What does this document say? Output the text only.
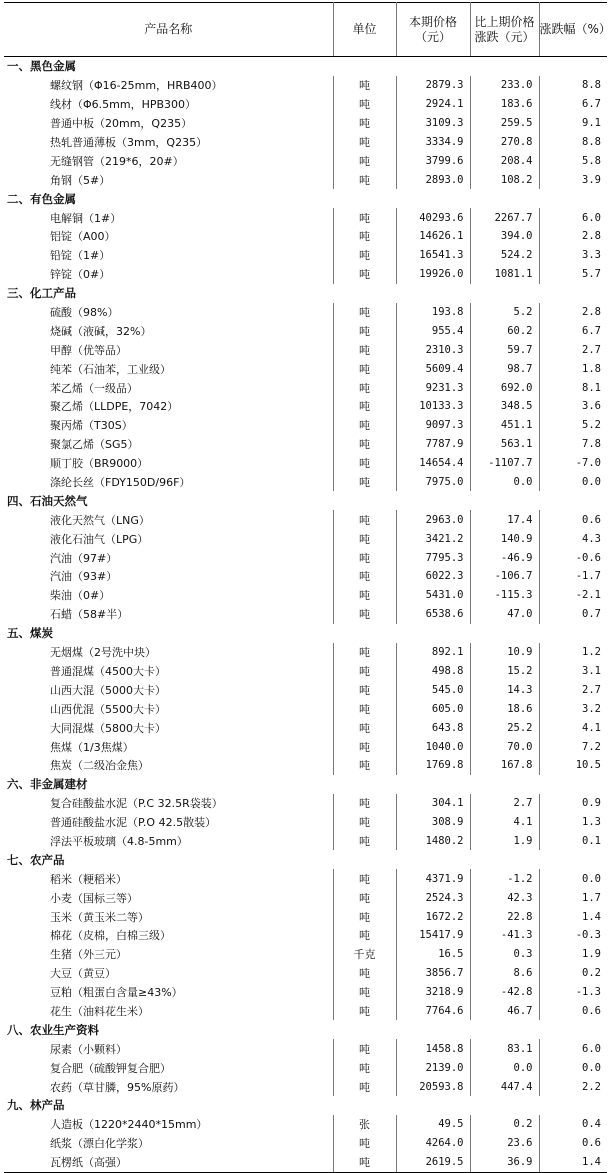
产品名称	单位	本期价格（元）	比上期价格涨跌（元）	涨跌幅（%）
一、黑色金属				
螺纹钢（Φ16-25mm，HRB400）	吨	2879.3	233.0	8.8
线材（Φ6.5mm，HPB300）	吨	2924.1	183.6	6.7
普通中板（20mm，Q235）	吨	3109.3	259.5	9.1
热轧普通薄板（3mm，Q235）	吨	3334.9	270.8	8.8
无缝钢管（219*6，20#）	吨	3799.6	208.4	5.8
角钢（5#）	吨	2893.0	108.2	3.9
二、有色金属				
电解铜（1#）	吨	40293.6	2267.7	6.0
铝锭（A00）	吨	14626.1	394.0	2.8
铅锭（1#）	吨	16541.3	524.2	3.3
锌锭（0#）	吨	19926.0	1081.1	5.7
三、化工产品				
硫酸（98%）	吨	193.8	5.2	2.8
烧碱（液碱，32%）	吨	955.4	60.2	6.7
甲醇（优等品）	吨	2310.3	59.7	2.7
纯苯（石油苯，工业级）	吨	5609.4	98.7	1.8
苯乙烯（一级品）	吨	9231.3	692.0	8.1
聚乙烯（LLDPE，7042）	吨	10133.3	348.5	3.6
聚丙烯（T30S）	吨	9097.3	451.1	5.2
聚氯乙烯（SG5）	吨	7787.9	563.1	7.8
顺丁胶（BR9000）	吨	14654.4	-1107.7	-7.0
涤纶长丝（FDY150D/96F）	吨	7975.0	0.0	0.0
四、石油天然气				
液化天然气（LNG）	吨	2963.0	17.4	0.6
液化石油气（LPG）	吨	3421.2	140.9	4.3
汽油（97#）	吨	7795.3	-46.9	-0.6
汽油（93#）	吨	6022.3	-106.7	-1.7
柴油（0#）	吨	5431.0	-115.3	-2.1
石蜡（58#半）	吨	6538.6	47.0	0.7
五、煤炭				
无烟煤（2号洗中块）	吨	892.1	10.9	1.2
普通混煤（4500大卡）	吨	498.8	15.2	3.1
山西大混（5000大卡）	吨	545.0	14.3	2.7
山西优混（5500大卡）	吨	605.0	18.6	3.2
大同混煤（5800大卡）	吨	643.8	25.2	4.1
焦煤（1/3焦煤）	吨	1040.0	70.0	7.2
焦炭（二级冶金焦）	吨	1769.8	167.8	10.5
六、非金属建材				
复合硅酸盐水泥（P.C 32.5R袋装）	吨	304.1	2.7	0.9
普通硅酸盐水泥（P.O 42.5散装）	吨	308.9	4.1	1.3
浮法平板玻璃（4.8-5mm）	吨	1480.2	1.9	0.1
七、农产品				
稻米（粳稻米）	吨	4371.9	-1.2	0.0
小麦（国标三等）	吨	2524.3	42.3	1.7
玉米（黄玉米二等）	吨	1672.2	22.8	1.4
棉花（皮棉，白棉三级）	吨	15417.9	-41.3	-0.3
生猪（外三元）	千克	16.5	0.3	1.9
大豆（黄豆）	吨	3856.7	8.6	0.2
豆粕（粗蛋白含量≥43%）	吨	3218.9	-42.8	-1.3
花生（油料花生米）	吨	7764.6	46.7	0.6
八、农业生产资料				
尿素（小颗料）	吨	1458.8	83.1	6.0
复合肥（硫酸钾复合肥）	吨	2139.0	0.0	0.0
农药（草甘膦，95%原药）	吨	20593.8	447.4	2.2
九、林产品				
人造板（1220*2440*15mm）	张	49.5	0.2	0.4
纸浆（漂白化学浆）	吨	4264.0	23.6	0.6
瓦楞纸（高强）	吨	2619.5	36.9	1.4
